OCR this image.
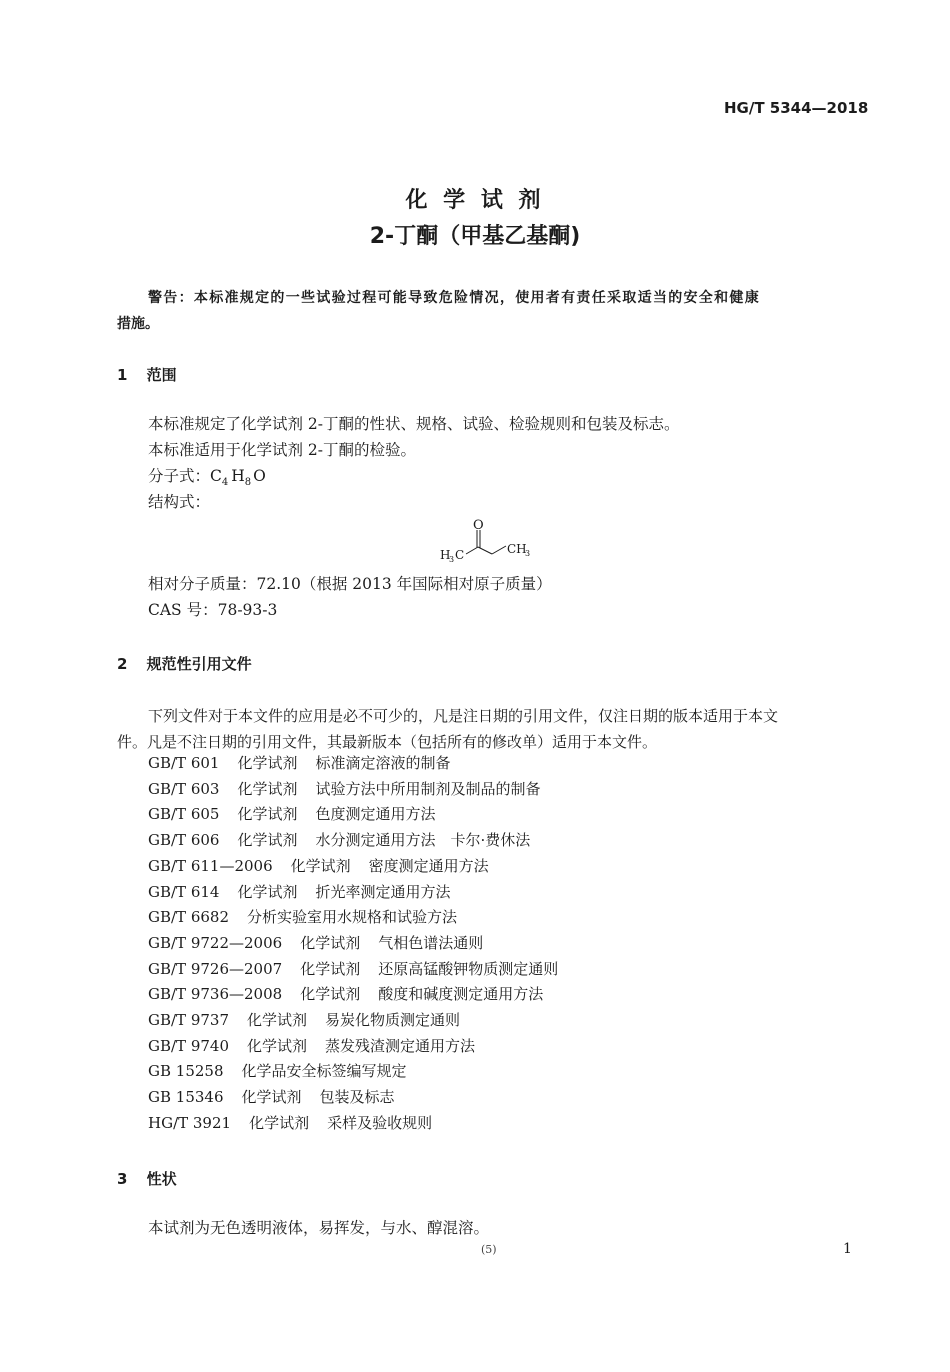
HG/T 5344—2018
化 学 试 剂
2-丁酮（甲基乙基酮)
警告：本标准规定的一些试验过程可能导致危险情况，使用者有责任采取适当的安全和健康
措施。
1 范围
本标准规定了化学试剂 2-丁酮的性状、规格、试验、检验规则和包装及标志。
本标准适用于化学试剂 2-丁酮的检验。
分子式：$C_4$ $H_8$ O
结构式：
O
H
3 C	CH
3
相对分子质量：72.10（根据 2013 年国际相对原子质量）
CAS 号：78-93-3
2 规范性引用文件
下列文件对于本文件的应用是必不可少的，凡是注日期的引用文件，仅注日期的版本适用于本文
件。凡是不注日期的引用文件，其最新版本（包括所有的修改单）适用于本文件。
GB/T 601 化学试剂 标准滴定溶液的制备
GB/T 603 化学试剂 试验方法中所用制剂及制品的制备
GB/T 605 化学试剂 色度测定通用方法
GB/T 606 化学试剂 水分测定通用方法　卡尔·费休法
GB/T 611—2006 化学试剂 密度测定通用方法
GB/T 614 化学试剂 折光率测定通用方法
GB/T 6682 分析实验室用水规格和试验方法
GB/T 9722—2006 化学试剂 气相色谱法通则
GB/T 9726—2007 化学试剂 还原高锰酸钾物质测定通则
GB/T 9736—2008 化学试剂 酸度和碱度测定通用方法
GB/T 9737 化学试剂 易炭化物质测定通则
GB/T 9740 化学试剂 蒸发残渣测定通用方法
GB 15258 化学品安全标签编写规定
GB 15346 化学试剂 包装及标志
HG/T 3921 化学试剂 采样及验收规则
3 性状
本试剂为无色透明液体，易挥发，与水、醇混溶。
(5)	1
